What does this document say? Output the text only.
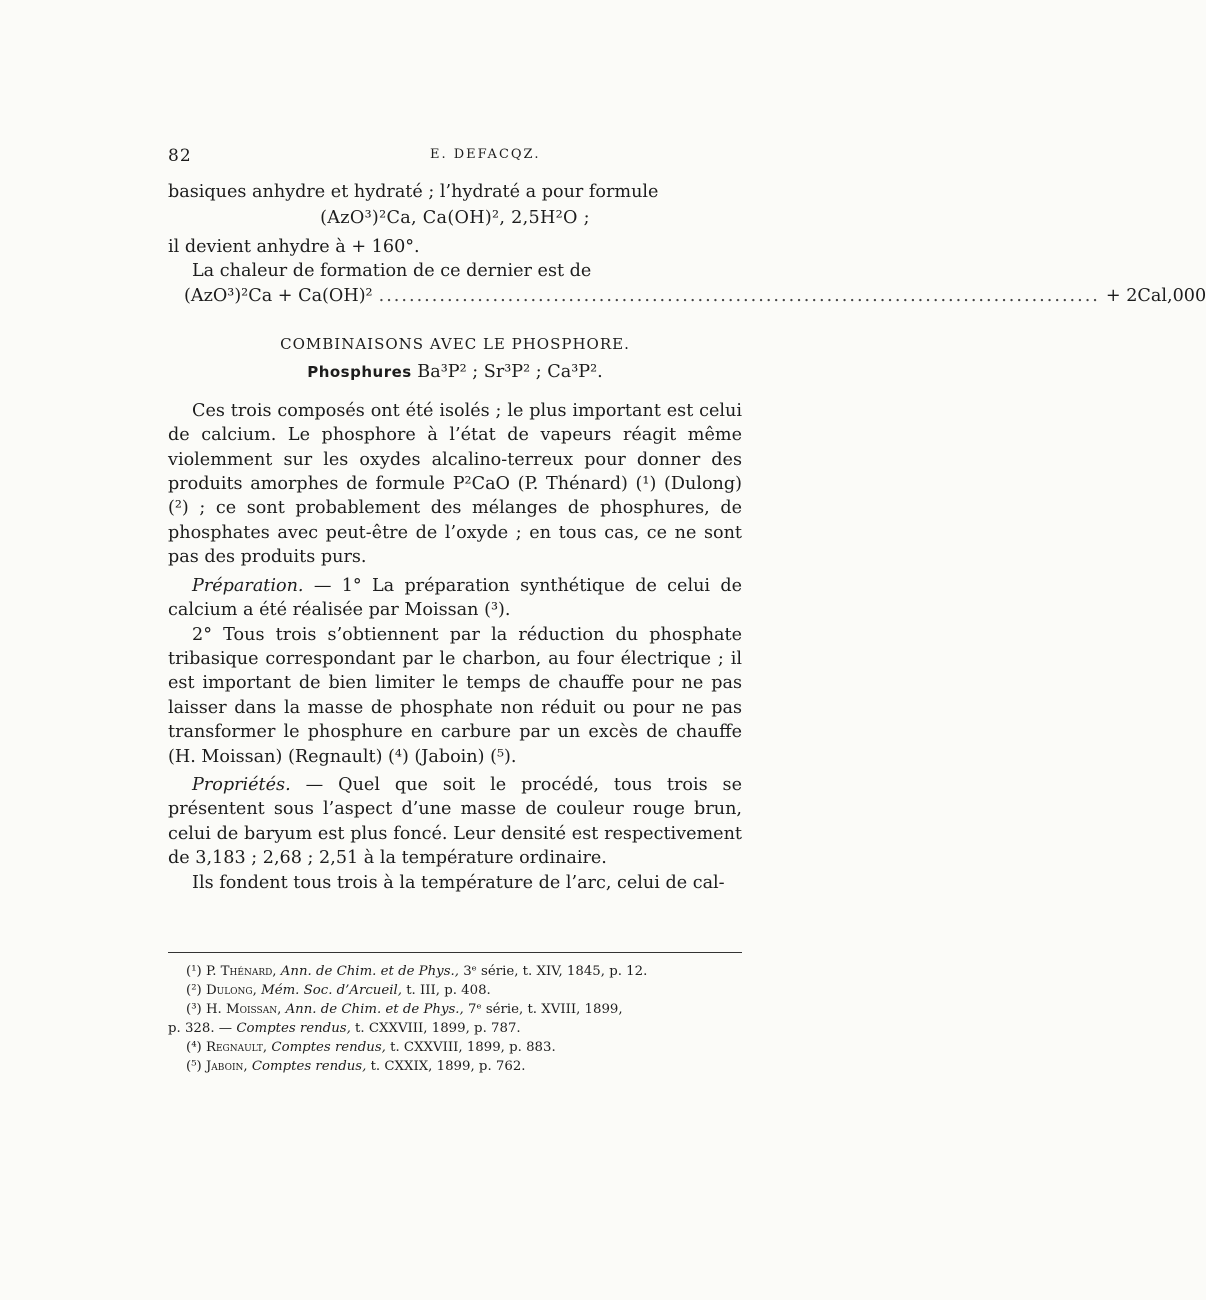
82	E. DEFACQZ.

basiques anhydre et hydraté ; l’hydraté a pour formule

(AzO³)²Ca, Ca(OH)², 2,5H²O ;

il devient anhydre à + 160°.

La chaleur de formation de ce dernier est de

(AzO³)²Ca + Ca(OH)² ............................................................................................... + 2Cal,000

COMBINAISONS AVEC LE PHOSPHORE.

Phosphures Ba³P² ; Sr³P² ; Ca³P².

Ces trois composés ont été isolés ; le plus important est celui de calcium. Le phosphore à l’état de vapeurs réagit même violemment sur les oxydes alcalino-terreux pour donner des produits amorphes de formule P²CaO (P. Thénard) (¹) (Dulong) (²) ; ce sont probablement des mélanges de phosphures, de phosphates avec peut-être de l’oxyde ; en tous cas, ce ne sont pas des produits purs.

Préparation. — 1° La préparation synthétique de celui de calcium a été réalisée par Moissan (³).

2° Tous trois s’obtiennent par la réduction du phosphate tribasique correspondant par le charbon, au four électrique ; il est important de bien limiter le temps de chauffe pour ne pas laisser dans la masse de phosphate non réduit ou pour ne pas transformer le phosphure en carbure par un excès de chauffe (H. Moissan) (Regnault) (⁴) (Jaboin) (⁵).

Propriétés. — Quel que soit le procédé, tous trois se présentent sous l’aspect d’une masse de couleur rouge brun, celui de baryum est plus foncé. Leur densité est respectivement de 3,183 ; 2,68 ; 2,51 à la température ordinaire.

Ils fondent tous trois à la température de l’arc, celui de cal-

(¹) P. Thénard, Ann. de Chim. et de Phys., 3ᵉ série, t. XIV, 1845, p. 12.

(²) Dulong, Mém. Soc. d’Arcueil, t. III, p. 408.

(³) H. Moissan, Ann. de Chim. et de Phys., 7ᵉ série, t. XVIII, 1899,

p. 328. — Comptes rendus, t. CXXVIII, 1899, p. 787.

(⁴) Regnault, Comptes rendus, t. CXXVIII, 1899, p. 883.

(⁵) Jaboin, Comptes rendus, t. CXXIX, 1899, p. 762.
